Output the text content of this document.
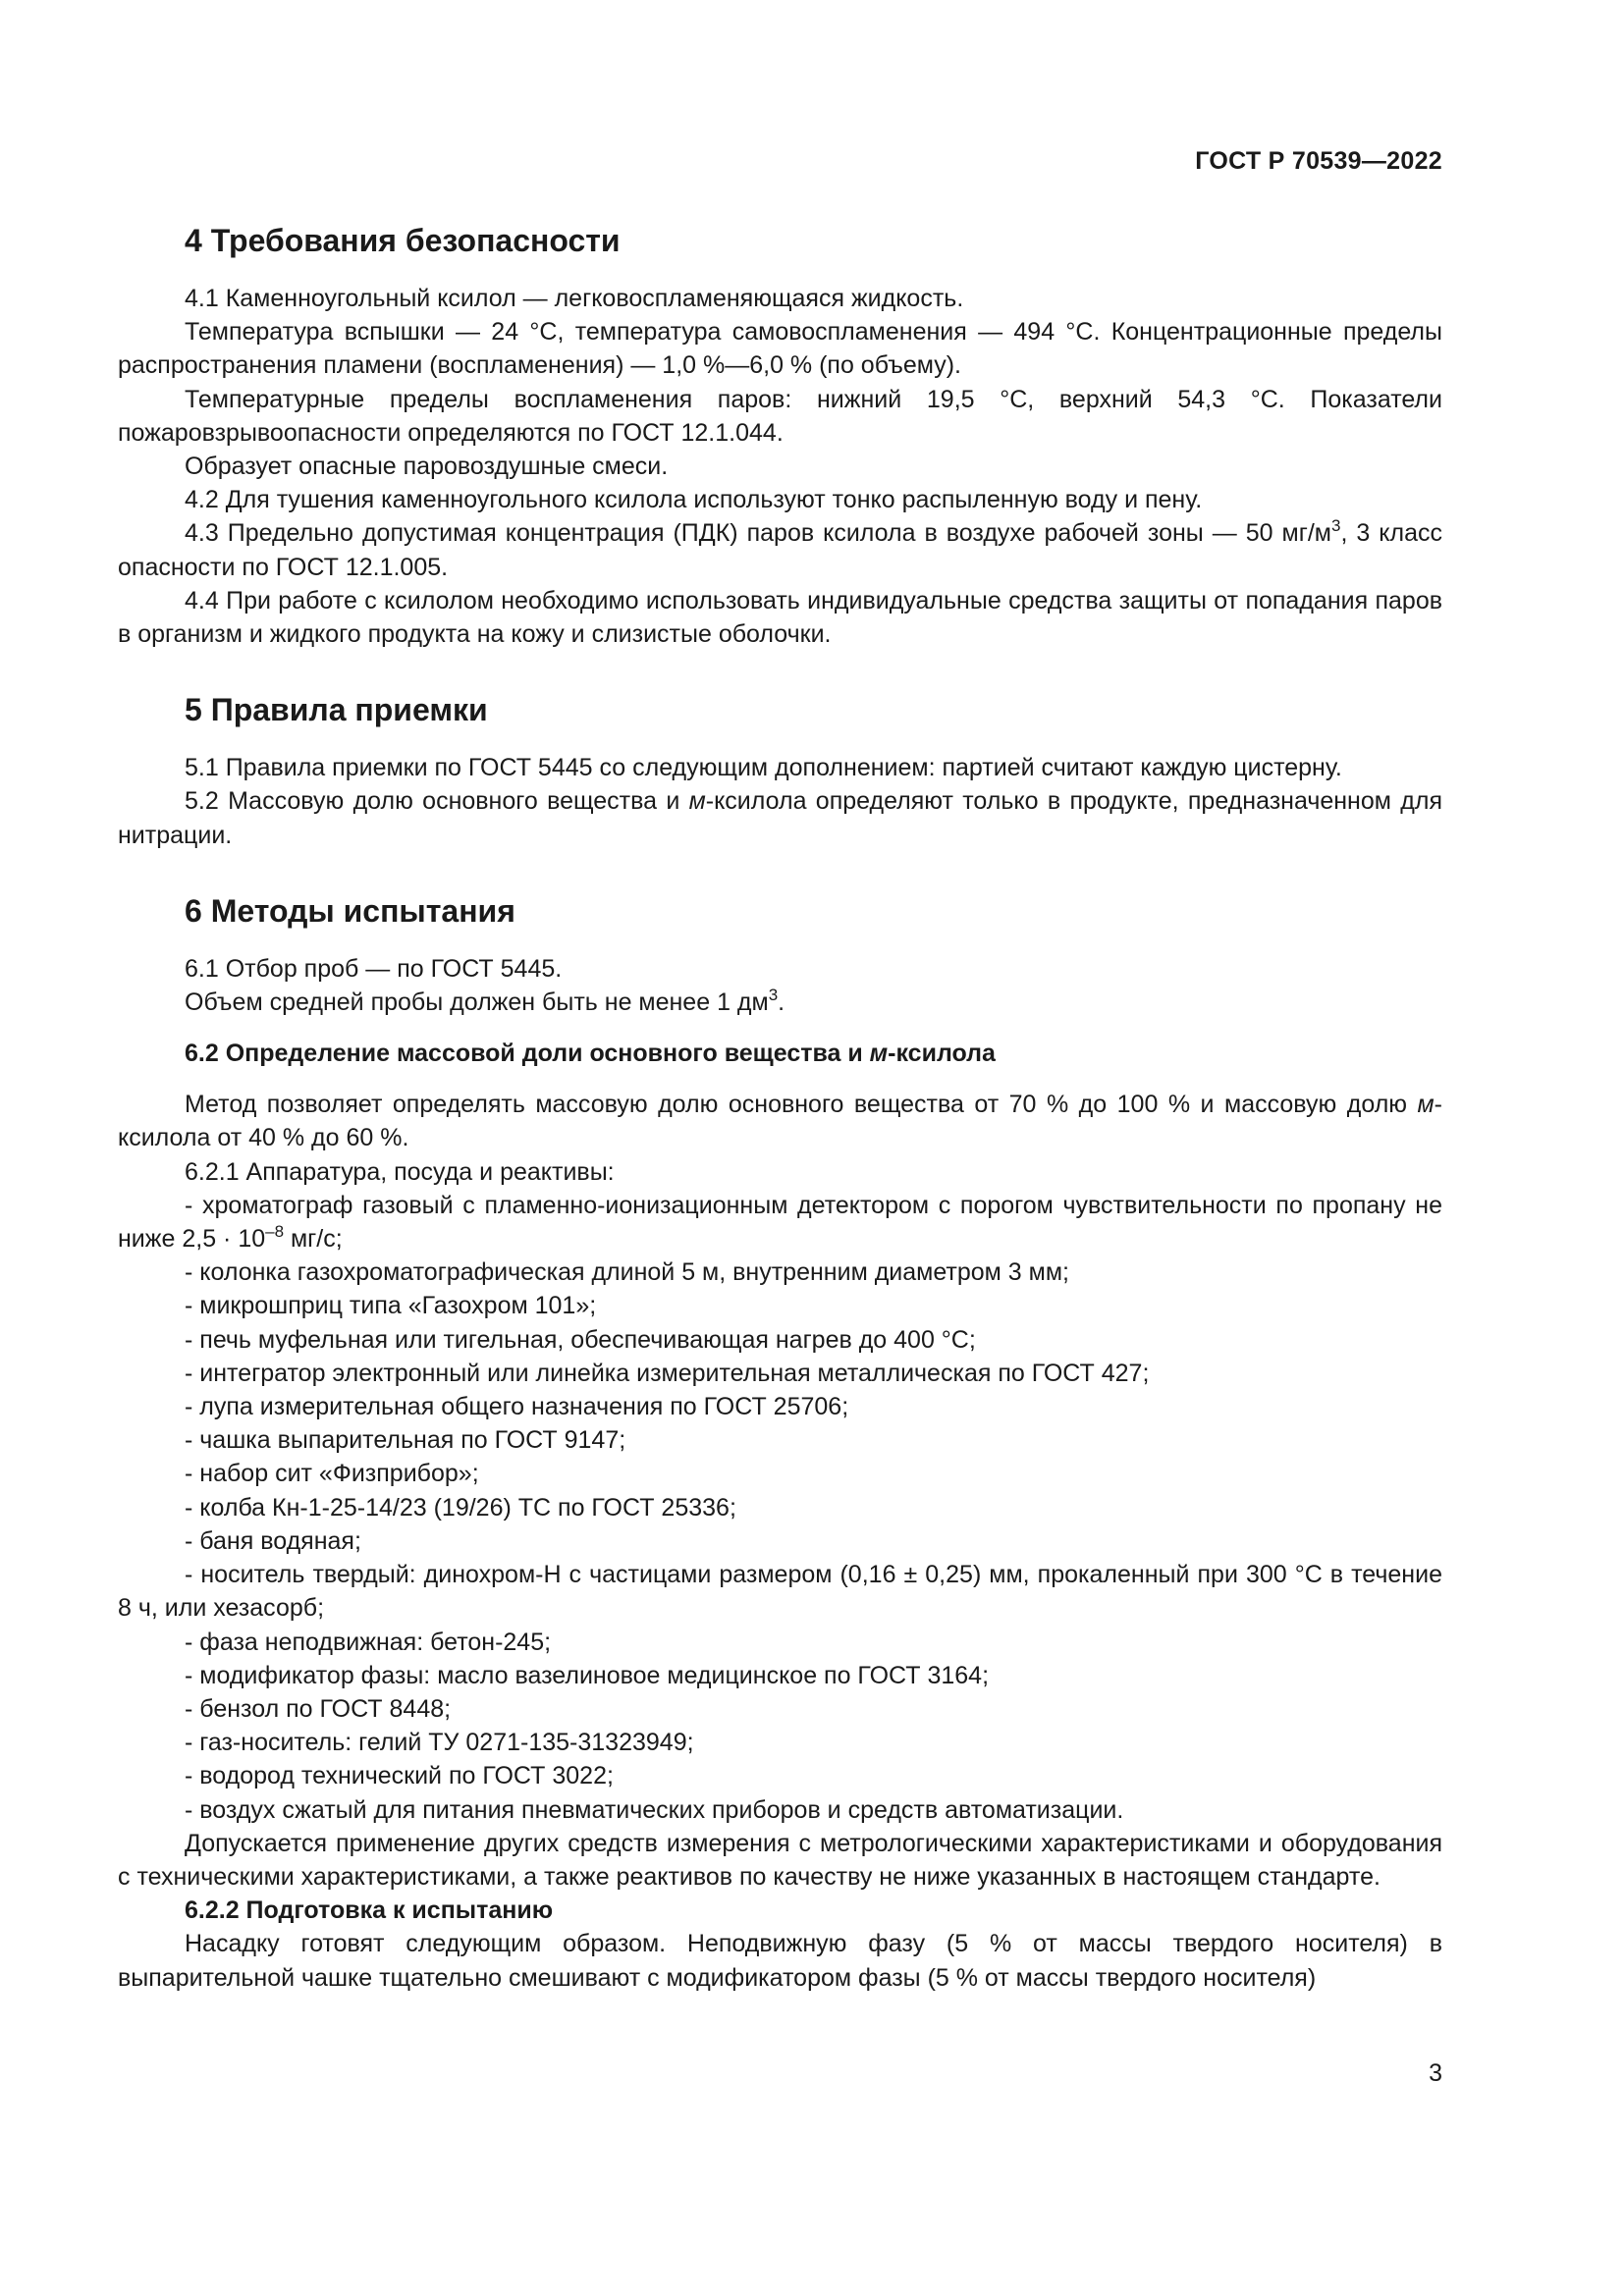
ГОСТ Р 70539—2022
4 Требования безопасности

4.1 Каменноугольный ксилол — легковоспламеняющаяся жидкость.

Температура вспышки — 24 °С, температура самовоспламенения — 494 °С. Концентрационные пределы распространения пламени (воспламенения) — 1,0 %—6,0 % (по объему).

Температурные пределы воспламенения паров: нижний 19,5 °С, верхний 54,3 °С. Показатели пожаровзрывоопасности определяются по ГОСТ 12.1.044.

Образует опасные паровоздушные смеси.

4.2 Для тушения каменноугольного ксилола используют тонко распыленную воду и пену.

4.3 Предельно допустимая концентрация (ПДК) паров ксилола в воздухе рабочей зоны — 50 $мг/м^3$, 3 класс опасности по ГОСТ 12.1.005.

4.4 При работе с ксилолом необходимо использовать индивидуальные средства защиты от попадания паров в организм и жидкого продукта на кожу и слизистые оболочки.

5 Правила приемки

5.1 Правила приемки по ГОСТ 5445 со следующим дополнением: партией считают каждую цистерну.

5.2 Массовую долю основного вещества и м-ксилола определяют только в продукте, предназначенном для нитрации.

6 Методы испытания

6.1 Отбор проб — по ГОСТ 5445.

Объем средней пробы должен быть не менее 1 $дм^3$.

6.2 Определение массовой доли основного вещества и м-ксилола

Метод позволяет определять массовую долю основного вещества от 70 % до 100 % и массовую долю м-ксилола от 40 % до 60 %.

6.2.1 Аппаратура, посуда и реактивы:

- хроматограф газовый с пламенно-ионизационным детектором с порогом чувствительности по пропану не ниже $2,5 \cdot 10^{-8}$ мг/с;
- колонка газохроматографическая длиной 5 м, внутренним диаметром 3 мм;
- микрошприц типа «Газохром 101»;
- печь муфельная или тигельная, обеспечивающая нагрев до 400 °С;
- интегратор электронный или линейка измерительная металлическая по ГОСТ 427;
- лупа измерительная общего назначения по ГОСТ 25706;
- чашка выпарительная по ГОСТ 9147;
- набор сит «Физприбор»;
- колба Кн-1-25-14/23 (19/26) ТС по ГОСТ 25336;
- баня водяная;
- носитель твердый: динохром-Н с частицами размером (0,16 ± 0,25) мм, прокаленный при 300 °С в течение 8 ч, или хезасорб;
- фаза неподвижная: бетон-245;
- модификатор фазы: масло вазелиновое медицинское по ГОСТ 3164;
- бензол по ГОСТ 8448;
- газ-носитель: гелий ТУ 0271-135-31323949;
- водород технический по ГОСТ 3022;
- воздух сжатый для питания пневматических приборов и средств автоматизации.

Допускается применение других средств измерения с метрологическими характеристиками и оборудования с техническими характеристиками, а также реактивов по качеству не ниже указанных в настоящем стандарте.

6.2.2 Подготовка к испытанию

Насадку готовят следующим образом. Неподвижную фазу (5 % от массы твердого носителя) в выпарительной чашке тщательно смешивают с модификатором фазы (5 % от массы твердого носителя)

3
